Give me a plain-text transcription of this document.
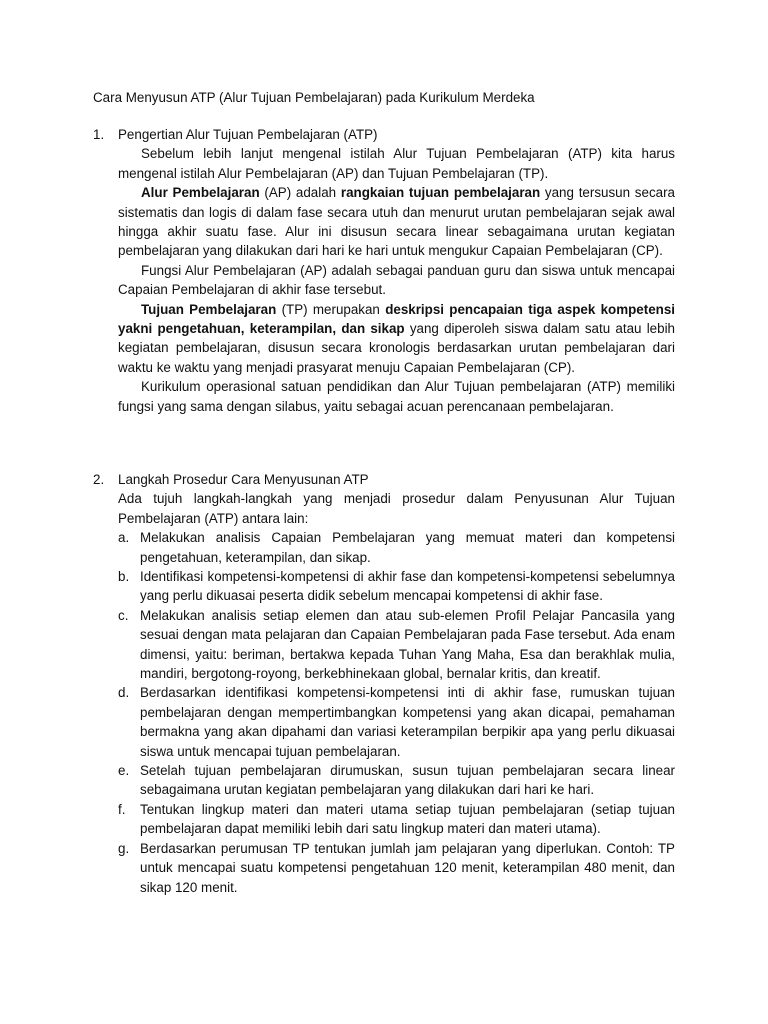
Cara Menyusun ATP (Alur Tujuan Pembelajaran) pada Kurikulum Merdeka
1. Pengertian Alur Tujuan Pembelajaran (ATP)

Sebelum lebih lanjut mengenal istilah Alur Tujuan Pembelajaran (ATP) kita harus mengenal istilah Alur Pembelajaran (AP) dan Tujuan Pembelajaran (TP).

Alur Pembelajaran (AP) adalah rangkaian tujuan pembelajaran yang tersusun secara sistematis dan logis di dalam fase secara utuh dan menurut urutan pembelajaran sejak awal hingga akhir suatu fase. Alur ini disusun secara linear sebagaimana urutan kegiatan pembelajaran yang dilakukan dari hari ke hari untuk mengukur Capaian Pembelajaran (CP).

Fungsi Alur Pembelajaran (AP) adalah sebagai panduan guru dan siswa untuk mencapai Capaian Pembelajaran di akhir fase tersebut.

Tujuan Pembelajaran (TP) merupakan deskripsi pencapaian tiga aspek kompetensi yakni pengetahuan, keterampilan, dan sikap yang diperoleh siswa dalam satu atau lebih kegiatan pembelajaran, disusun secara kronologis berdasarkan urutan pembelajaran dari waktu ke waktu yang menjadi prasyarat menuju Capaian Pembelajaran (CP).

Kurikulum operasional satuan pendidikan dan Alur Tujuan pembelajaran (ATP) memiliki fungsi yang sama dengan silabus, yaitu sebagai acuan perencanaan pembelajaran.

2. Langkah Prosedur Cara Menyusunan ATP

Ada tujuh langkah-langkah yang menjadi prosedur dalam Penyusunan Alur Tujuan Pembelajaran (ATP) antara lain:

a. Melakukan analisis Capaian Pembelajaran yang memuat materi dan kompetensi pengetahuan, keterampilan, dan sikap.
b. Identifikasi kompetensi-kompetensi di akhir fase dan kompetensi-kompetensi sebelumnya yang perlu dikuasai peserta didik sebelum mencapai kompetensi di akhir fase.
c. Melakukan analisis setiap elemen dan atau sub-elemen Profil Pelajar Pancasila yang sesuai dengan mata pelajaran dan Capaian Pembelajaran pada Fase tersebut. Ada enam dimensi, yaitu: beriman, bertakwa kepada Tuhan Yang Maha, Esa dan berakhlak mulia, mandiri, bergotong-royong, berkebhinekaan global, bernalar kritis, dan kreatif.
d. Berdasarkan identifikasi kompetensi-kompetensi inti di akhir fase, rumuskan tujuan pembelajaran dengan mempertimbangkan kompetensi yang akan dicapai, pemahaman bermakna yang akan dipahami dan variasi keterampilan berpikir apa yang perlu dikuasai siswa untuk mencapai tujuan pembelajaran.
e. Setelah tujuan pembelajaran dirumuskan, susun tujuan pembelajaran secara linear sebagaimana urutan kegiatan pembelajaran yang dilakukan dari hari ke hari.
f. Tentukan lingkup materi dan materi utama setiap tujuan pembelajaran (setiap tujuan pembelajaran dapat memiliki lebih dari satu lingkup materi dan materi utama).
g. Berdasarkan perumusan TP tentukan jumlah jam pelajaran yang diperlukan. Contoh: TP untuk mencapai suatu kompetensi pengetahuan 120 menit, keterampilan 480 menit, dan sikap 120 menit.
